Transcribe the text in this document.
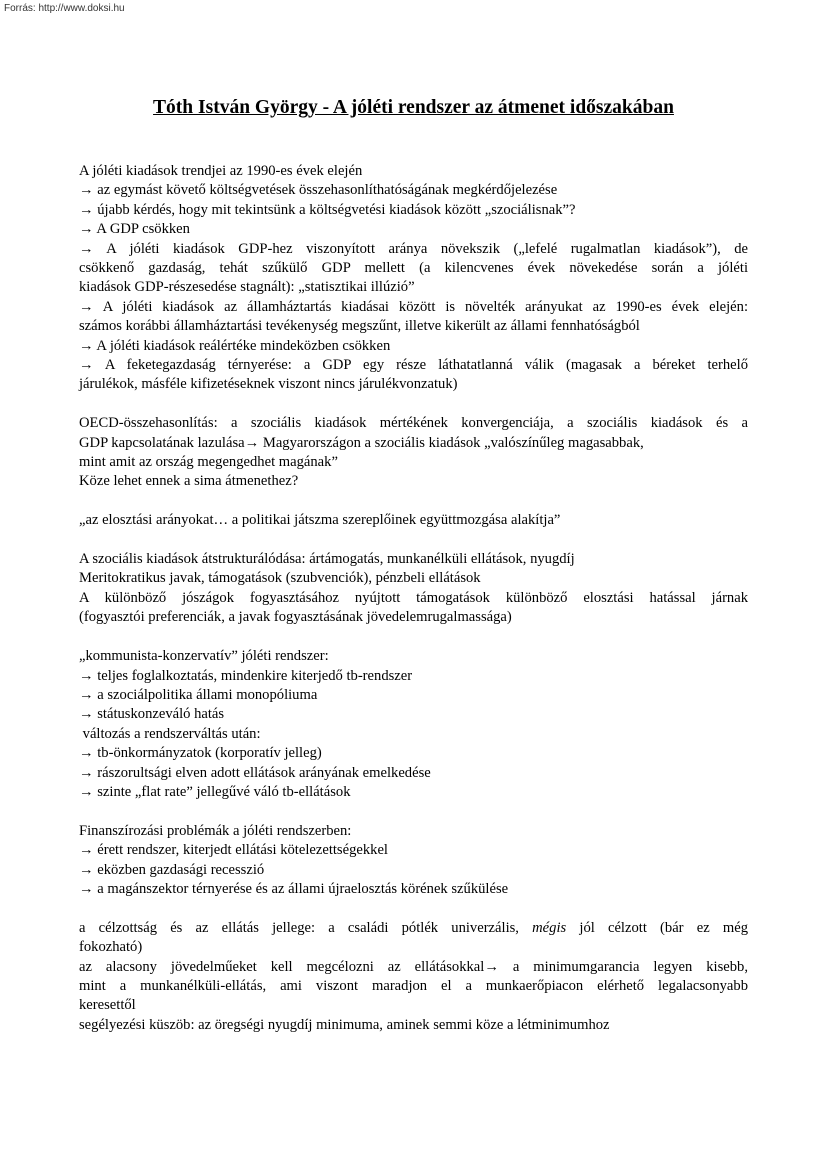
Forrás: http://www.doksi.hu
Tóth István György - A jóléti rendszer az átmenet időszakában

A jóléti kiadások trendjei az 1990-es évek elején
→ az egymást követő költségvetések összehasonlíthatóságának megkérdőjelezése
→ újabb kérdés, hogy mit tekintsünk a költségvetési kiadások között „szociálisnak”?
→ A GDP csökken
→ A jóléti kiadások GDP-hez viszonyított aránya növekszik („lefelé rugalmatlan kiadások”), de
csökkenő gazdaság, tehát szűkülő GDP mellett (a kilencvenes évek növekedése során a jóléti
kiadások GDP-részesedése stagnált): „statisztikai illúzió”
→ A jóléti kiadások az államháztartás kiadásai között is növelték arányukat az 1990-es évek elején:
számos korábbi államháztartási tevékenység megszűnt, illetve kikerült az állami fennhatóságból
→ A jóléti kiadások reálértéke mindeközben csökken
→ A feketegazdaság térnyerése: a GDP egy része láthatatlanná válik (magasak a béreket terhelő
járulékok, másféle kifizetéseknek viszont nincs járulékvonzatuk)

OECD-összehasonlítás: a szociális kiadások mértékének konvergenciája, a szociális kiadások és a
GDP kapcsolatának lazulása→ Magyarországon a szociális kiadások „valószínűleg magasabbak,
mint amit az ország megengedhet magának”
Köze lehet ennek a sima átmenethez?

„az elosztási arányokat… a politikai játszma szereplőinek együttmozgása alakítja”

A szociális kiadások átstrukturálódása: ártámogatás, munkanélküli ellátások, nyugdíj
Meritokratikus javak, támogatások (szubvenciók), pénzbeli ellátások
A különböző jószágok fogyasztásához nyújtott támogatások különböző elosztási hatással járnak
(fogyasztói preferenciák, a javak fogyasztásának jövedelemrugalmassága)

„kommunista-konzervatív” jóléti rendszer:
→ teljes foglalkoztatás, mindenkire kiterjedő tb-rendszer
→ a szociálpolitika állami monopóliuma
→ státuskonzeváló hatás
változás a rendszerváltás után:
→ tb-önkormányzatok (korporatív jelleg)
→ rászorultsági elven adott ellátások arányának emelkedése
→ szinte „flat rate” jellegűvé váló tb-ellátások

Finanszírozási problémák a jóléti rendszerben:
→ érett rendszer, kiterjedt ellátási kötelezettségekkel
→ eközben gazdasági recesszió
→ a magánszektor térnyerése és az állami újraelosztás körének szűkülése

a célzottság és az ellátás jellege: a családi pótlék univerzális, mégis jól célzott (bár ez még
fokozható)
az alacsony jövedelműeket kell megcélozni az ellátásokkal→ a minimumgarancia legyen kisebb,
mint a munkanélküli-ellátás, ami viszont maradjon el a munkaerőpiacon elérhető legalacsonyabb
keresettől
segélyezési küszöb: az öregségi nyugdíj minimuma, aminek semmi köze a létminimumhoz
